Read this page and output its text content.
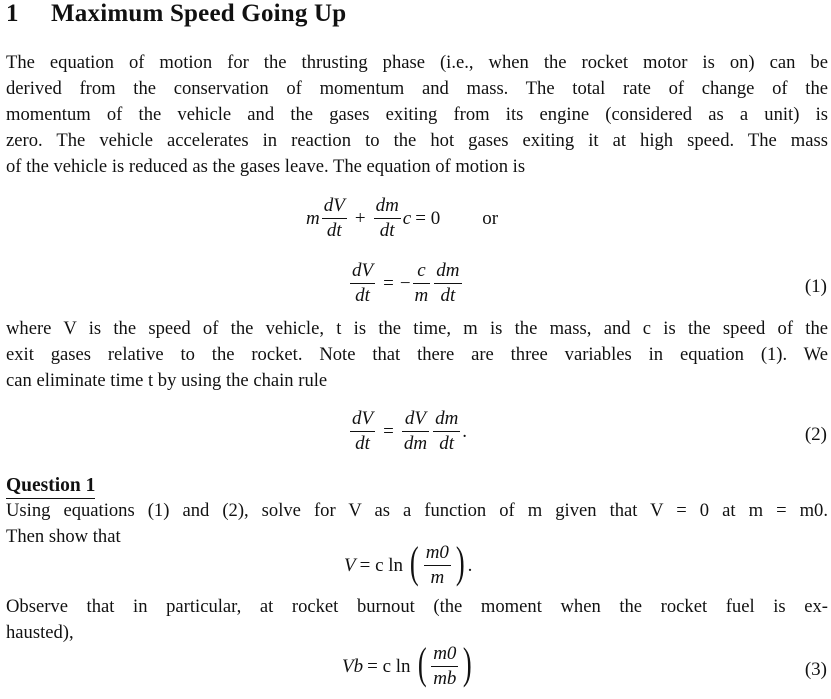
1 Maximum Speed Going Up
The equation of motion for the thrusting phase (i.e., when the rocket motor is on) can be
derived from the conservation of momentum and mass. The total rate of change of the
momentum of the vehicle and the gases exiting from its engine (considered as a unit) is
zero. The vehicle accelerates in reaction to the hot gases exiting it at high speed. The mass
of the vehicle is reduced as the gases leave. The equation of motion is
m $\frac{dV}{dt} + \frac{dm}{dt}$ c = 0 or
$\frac{dV}{dt}$ = − $\frac{c}{m} \frac{dm}{dt}$	(1)
where V is the speed of the vehicle, t is the time, m is the mass, and c is the speed of the
exit gases relative to the rocket. Note that there are three variables in equation (1). We
can eliminate time t by using the chain rule
$\frac{dV}{dt} = \frac{dV}{dm} \frac{dm}{dt}$ .	(2)
Question 1
Using equations (1) and (2), solve for V as a function of m given that V = 0 at m = m0.
Then show that
V = c ln ( $\frac{m0}{m}$ ) .
Observe that in particular, at rocket burnout (the moment when the rocket fuel is ex-
hausted),
Vb = c ln ( $\frac{m0}{mb}$ )	(3)
